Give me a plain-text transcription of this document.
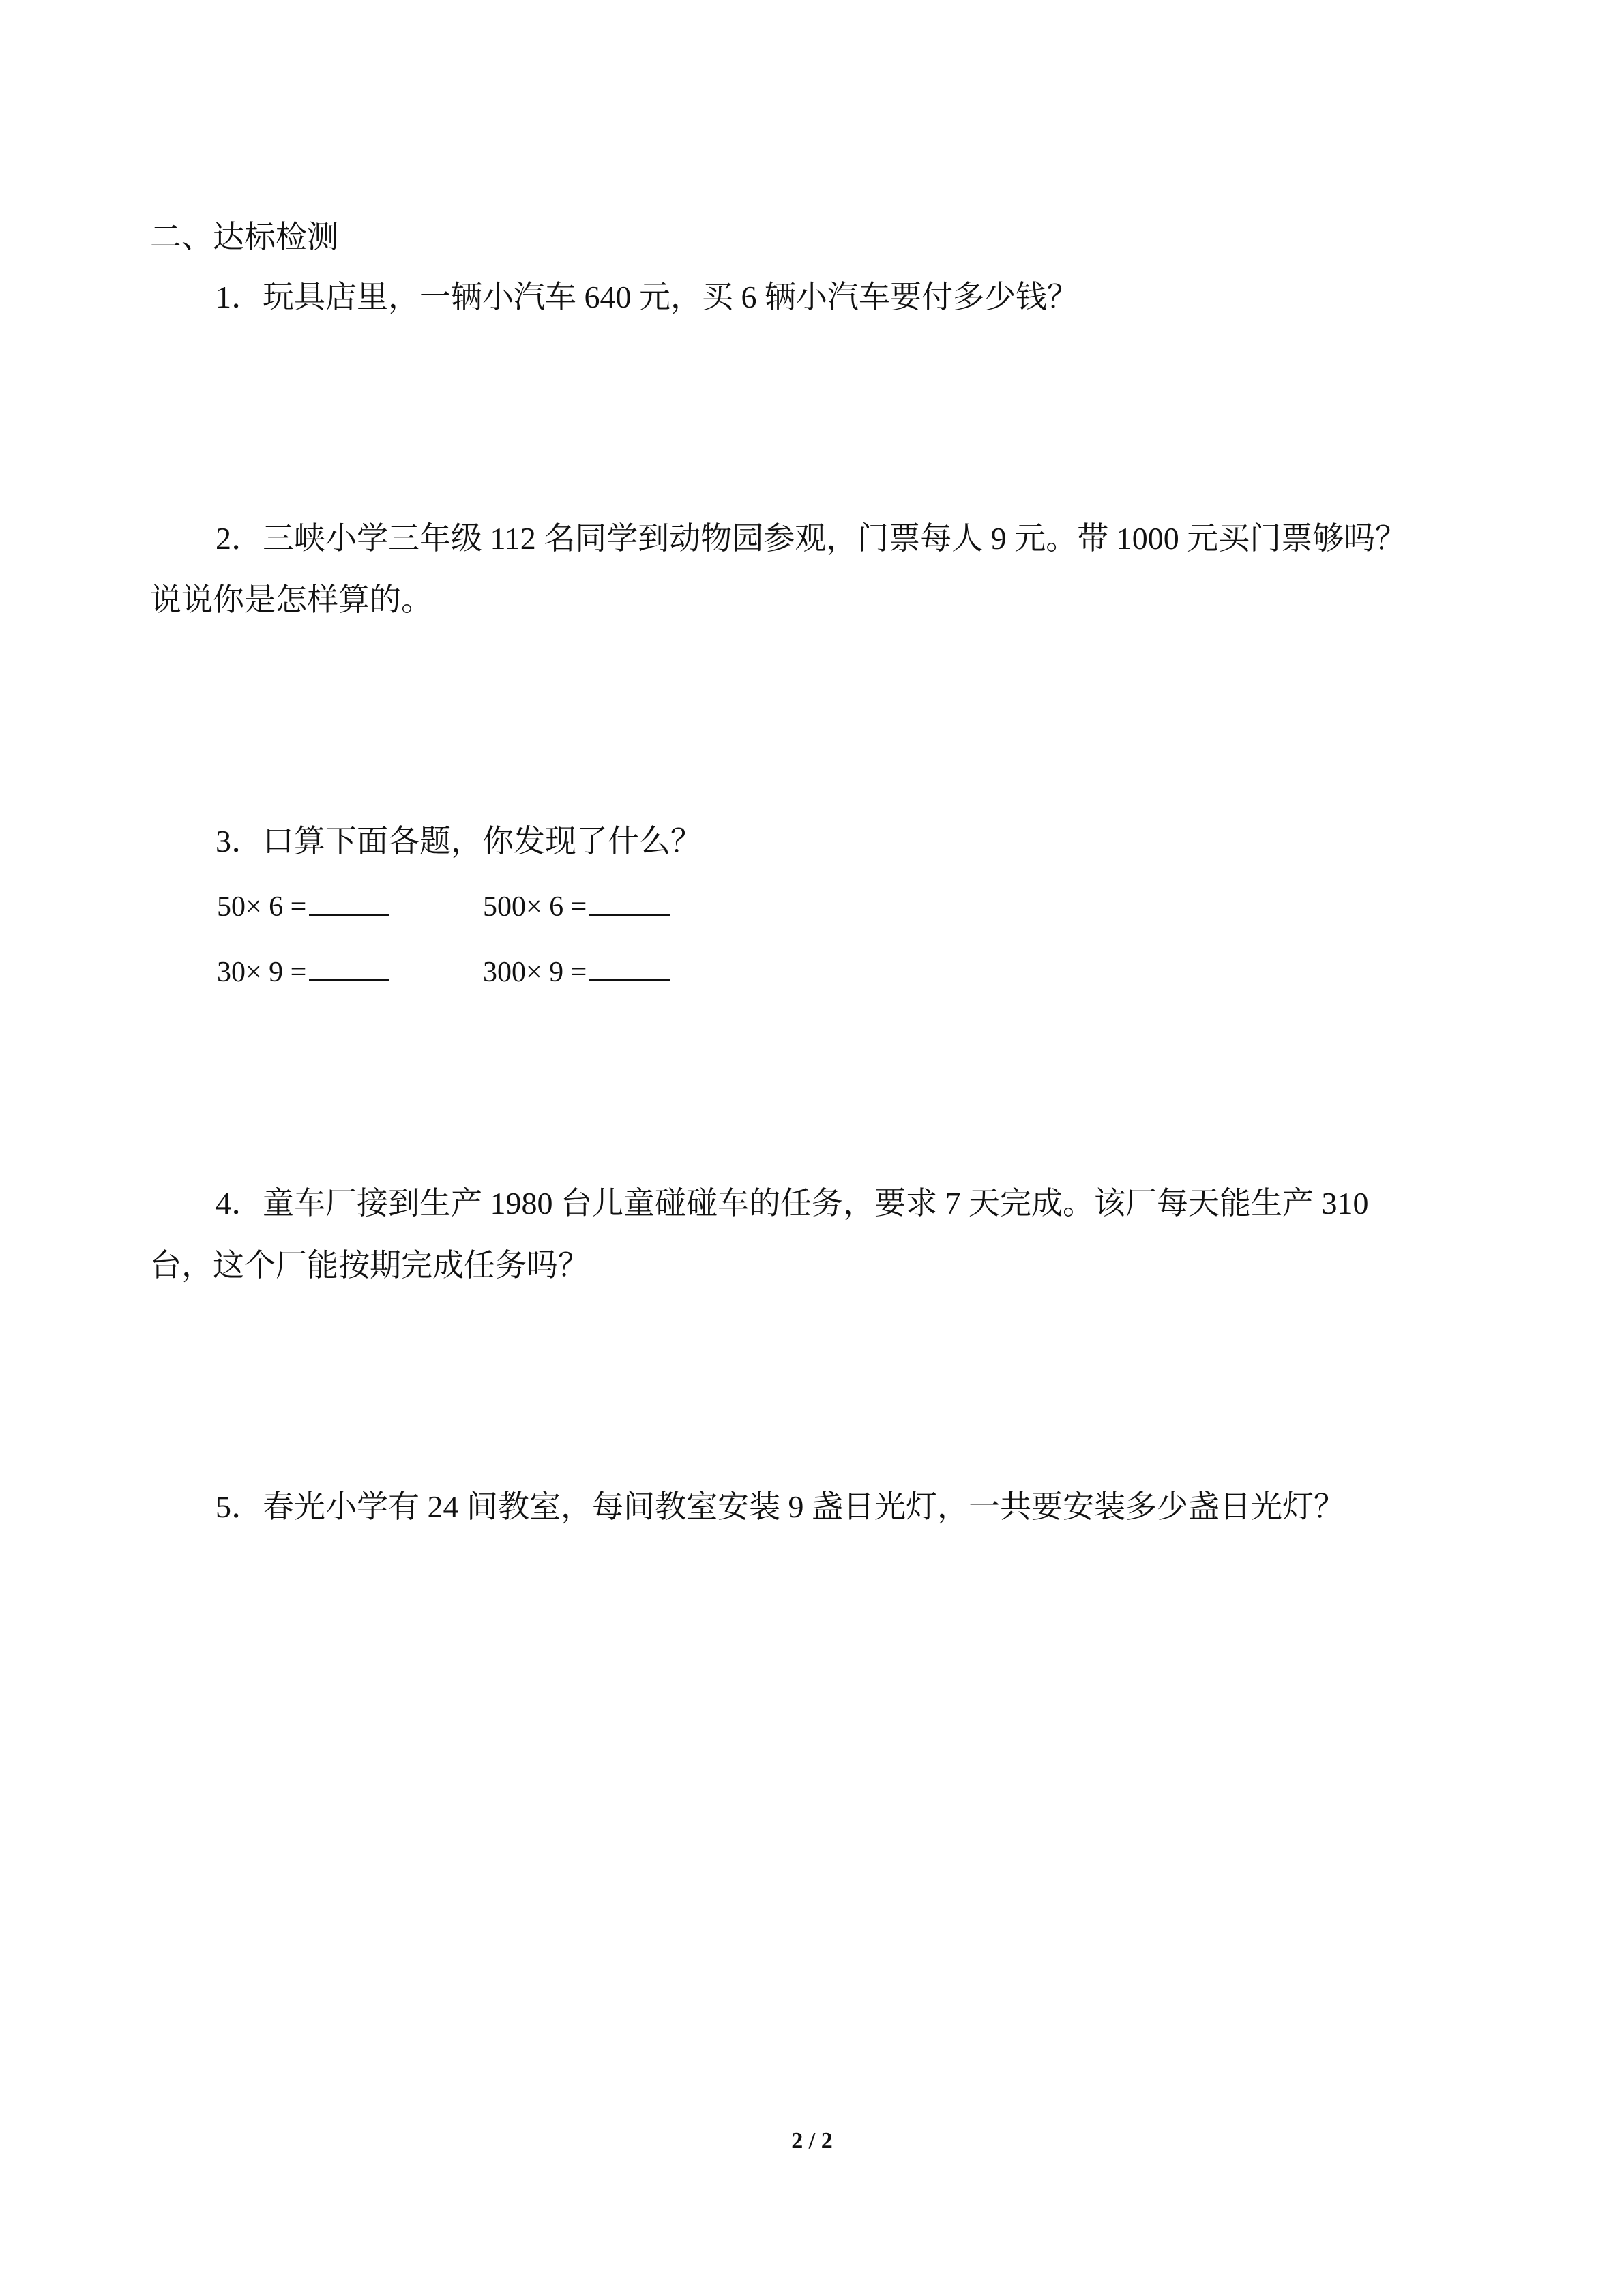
二、达标检测
1．玩具店里，一辆小汽车 640 元，买 6 辆小汽车要付多少钱？
2．三峡小学三年级 112 名同学到动物园参观，门票每人 9 元。带 1000 元买门票够吗？
说说你是怎样算的。
3．口算下面各题，你发现了什么？
50× 6 =	500× 6 =
30× 9 =	300× 9 =
4．童车厂接到生产 1980 台儿童碰碰车的任务，要求 7 天完成。该厂每天能生产 310
台，这个厂能按期完成任务吗？
5．春光小学有 24 间教室，每间教室安装 9 盏日光灯，一共要安装多少盏日光灯？
2 / 2
